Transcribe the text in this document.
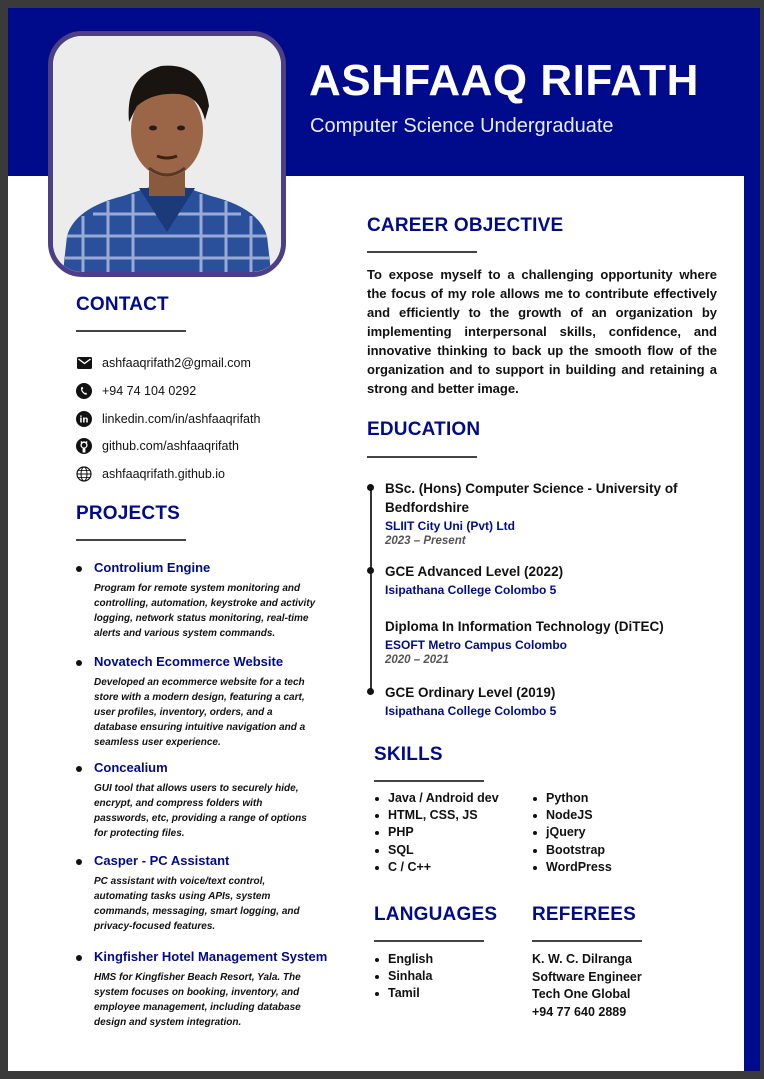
ASHFAAQ RIFATH
Computer Science Undergraduate
CONTACT
ashfaaqrifath2@gmail.com
+94 74 104 0292
in linkedin.com/in/ashfaaqrifath
github.com/ashfaaqrifath
ashfaaqrifath.github.io
PROJECTS
Controlium Engine
Program for remote system monitoring and controlling, automation, keystroke and activity logging, network status monitoring, real-time alerts and various system commands.
Novatech Ecommerce Website
Developed an ecommerce website for a tech store with a modern design, featuring a cart, user profiles, inventory, orders, and a database ensuring intuitive navigation and a seamless user experience.
Concealium
GUI tool that allows users to securely hide, encrypt, and compress folders with passwords, etc, providing a range of options for protecting files.
Casper - PC Assistant
PC assistant with voice/text control, automating tasks using APIs, system commands, messaging, smart logging, and privacy-focused features.
Kingfisher Hotel Management System
HMS for Kingfisher Beach Resort, Yala. The system focuses on booking, inventory, and employee management, including database design and system integration.
CAREER OBJECTIVE
To expose myself to a challenging opportunity where the focus of my role allows me to contribute effectively and efficiently to the growth of an organization by implementing interpersonal skills, confidence, and innovative thinking to back up the smooth flow of the organization and to support in building and retaining a strong and better image.
EDUCATION
BSc. (Hons) Computer Science - University of Bedfordshire
SLIIT City Uni (Pvt) Ltd
2023 – Present
GCE Advanced Level (2022)
Isipathana College Colombo 5
Diploma In Information Technology (DiTEC)
ESOFT Metro Campus Colombo
2020 – 2021
GCE Ordinary Level (2019)
Isipathana College Colombo 5
SKILLS
Java / Android dev
HTML, CSS, JS
PHP
SQL
C / C++
Python
NodeJS
jQuery
Bootstrap
WordPress
LANGUAGES
English
Sinhala
Tamil
REFEREES
K. W. C. Dilranga
Software Engineer
Tech One Global
+94 77 640 2889
